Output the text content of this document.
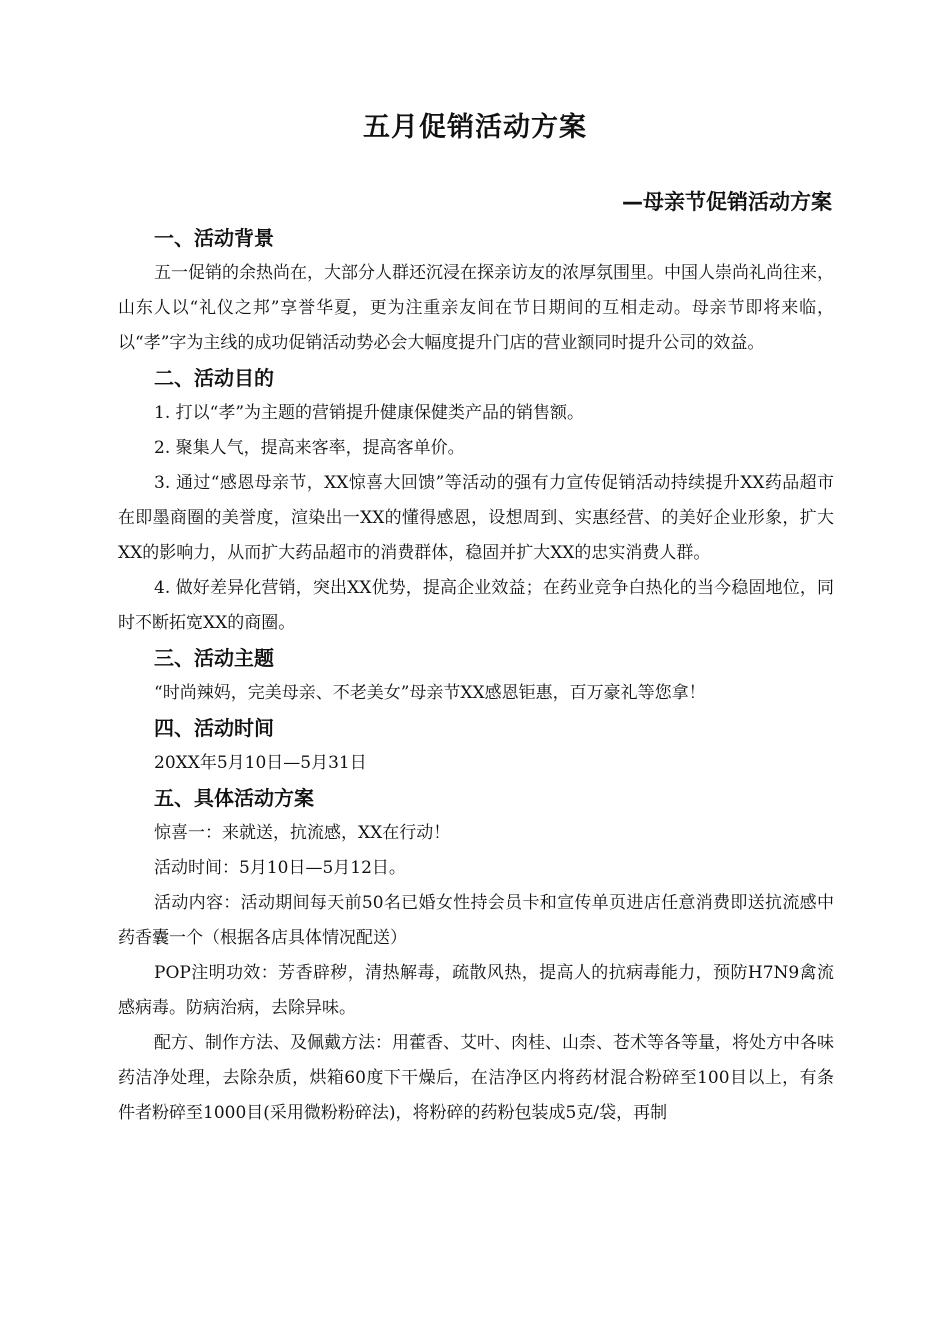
五月促销活动方案
—母亲节促销活动方案
一、活动背景

五一促销的余热尚在，大部分人群还沉浸在探亲访友的浓厚氛围里。中国人崇尚礼尚往来，山东人以“礼仪之邦”享誉华夏，更为注重亲友间在节日期间的互相走动。母亲节即将来临，以“孝”字为主线的成功促销活动势必会大幅度提升门店的营业额同时提升公司的效益。

二、活动目的

1. 打以“孝”为主题的营销提升健康保健类产品的销售额。

2. 聚集人气，提高来客率，提高客单价。

3. 通过“感恩母亲节，XX惊喜大回馈”等活动的强有力宣传促销活动持续提升XX药品超市在即墨商圈的美誉度，渲染出一XX的懂得感恩，设想周到、实惠经营、的美好企业形象，扩大XX的影响力，从而扩大药品超市的消费群体，稳固并扩大XX的忠实消费人群。

4. 做好差异化营销，突出XX优势，提高企业效益；在药业竞争白热化的当今稳固地位，同时不断拓宽XX的商圈。

三、活动主题
“时尚辣妈，完美母亲、不老美女”母亲节XX感恩钜惠，百万豪礼等您拿！
四、活动时间
20XX年5月10日—5月31日
五、具体活动方案
惊喜一：来就送，抗流感，XX在行动！
活动时间：5月10日—5月12日。

活动内容：活动期间每天前50名已婚女性持会员卡和宣传单页进店任意消费即送抗流感中药香囊一个（根据各店具体情况配送）

POP注明功效：芳香辟秽，清热解毒，疏散风热，提高人的抗病毒能力，预防H7N9禽流 感病毒。防病治病，去除异味。

配方、制作方法、及佩戴方法：用藿香、艾叶、肉桂、山柰、苍术等各等量，将处方中各味药洁净处理，去除杂质，烘箱60度下干燥后，在洁净区内将药材混合粉碎至100目以上，有条件者粉碎至1000目(采用微粉粉碎法)，将粉碎的药粉包装成5克/袋，再制
